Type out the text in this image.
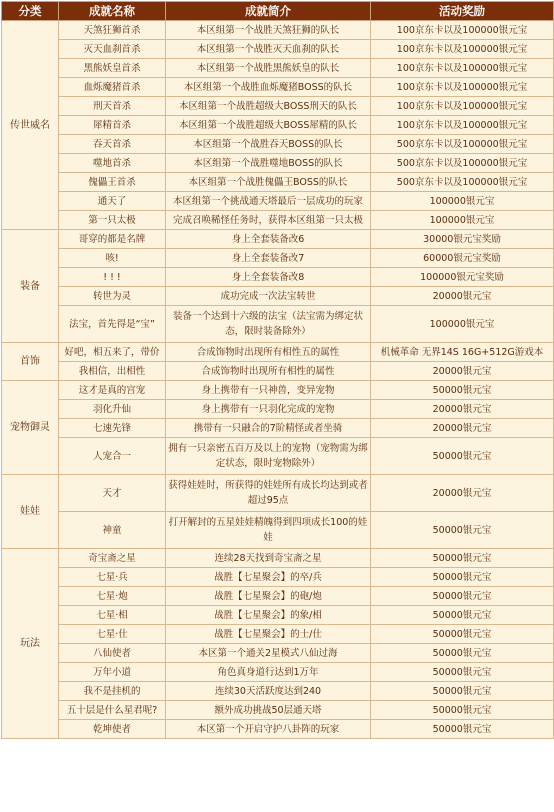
分类	成就名称	成就简介	活动奖励
传世威名	天煞狂狮首杀	本区组第一个战胜天煞狂狮的队长	100京东卡以及100000银元宝
	灭天血刹首杀	本区组第一个战胜灭天血刹的队长	100京东卡以及100000银元宝
	黑熊妖皇首杀	本区组第一个战胜黑熊妖皇的队长	100京东卡以及100000银元宝
	血烁魔猪首杀	本区组第一个战胜血烁魔猪BOSS的队长	100京东卡以及100000银元宝
	刑天首杀	本区组第一个战胜超级大BOSS刑天的队长	100京东卡以及100000银元宝
	犀精首杀	本区组第一个战胜超级大BOSS犀精的队长	100京东卡以及100000银元宝
	吞天首杀	本区组第一个战胜吞天BOSS的队长	500京东卡以及100000银元宝
	噬地首杀	本区组第一个战胜噬地BOSS的队长	500京东卡以及100000银元宝
	傀儡王首杀	本区组第一个战胜傀儡王BOSS的队长	500京东卡以及100000银元宝
	通天了	本区组第一个挑战通天塔最后一层成功的玩家	100000银元宝
	第一只太极	完成召唤稀怪任务时，获得本区组第一只太极	100000银元宝
装备	哥穿的都是名牌	身上全套装备改6	30000银元宝奖励
	咳!	身上全套装备改7	60000银元宝奖励
	! ! !	身上全套装备改8	100000银元宝奖励
	转世为灵	成功完成一次法宝转世	20000银元宝
	法宝，首先得是“宝”	装备一个达到十六级的法宝（法宝需为绑定状态，限时装备除外）	100000银元宝
首饰	好吧，相五来了，带价	合成饰物时出现所有相性五的属性	机械革命 无界14S 16G+512G游戏本
	我相信，出相性	合成饰物时出现所有相性的属性	20000银元宝
宠物御灵	这才是真的宫宠	身上携带有一只神兽，变异宠物	50000银元宝
	羽化升仙	身上携带有一只羽化完成的宠物	20000银元宝
	七速先锋	携带有一只融合的7阶精怪或者坐骑	20000银元宝
	人宠合一	拥有一只亲密五百万及以上的宠物（宠物需为绑定状态，限时宠物除外）	50000银元宝
娃娃	天才	获得娃娃时，所获得的娃娃所有成长均达到或者超过95点	20000银元宝
	神童	打开解封的五星娃娃精魄得到四项成长100的娃娃	50000银元宝
玩法	奇宝斋之星	连续28天找到奇宝斋之星	50000银元宝
	七星·兵	战胜【七星聚会】的卒/兵	50000银元宝
	七星·炮	战胜【七星聚会】的砲/炮	50000银元宝
	七星·相	战胜【七星聚会】的象/相	50000银元宝
	七星·仕	战胜【七星聚会】的士/仕	50000银元宝
	八仙使者	本区第一个通关2星模式八仙过海	50000银元宝
	万年小道	角色真身道行达到1万年	50000银元宝
	我不是挂机的	连续30天活跃度达到240	50000银元宝
	五十层是什么星君呢?	额外成功挑战50层通天塔	50000银元宝
	乾坤使者	本区第一个开启守护八卦阵的玩家	50000银元宝
